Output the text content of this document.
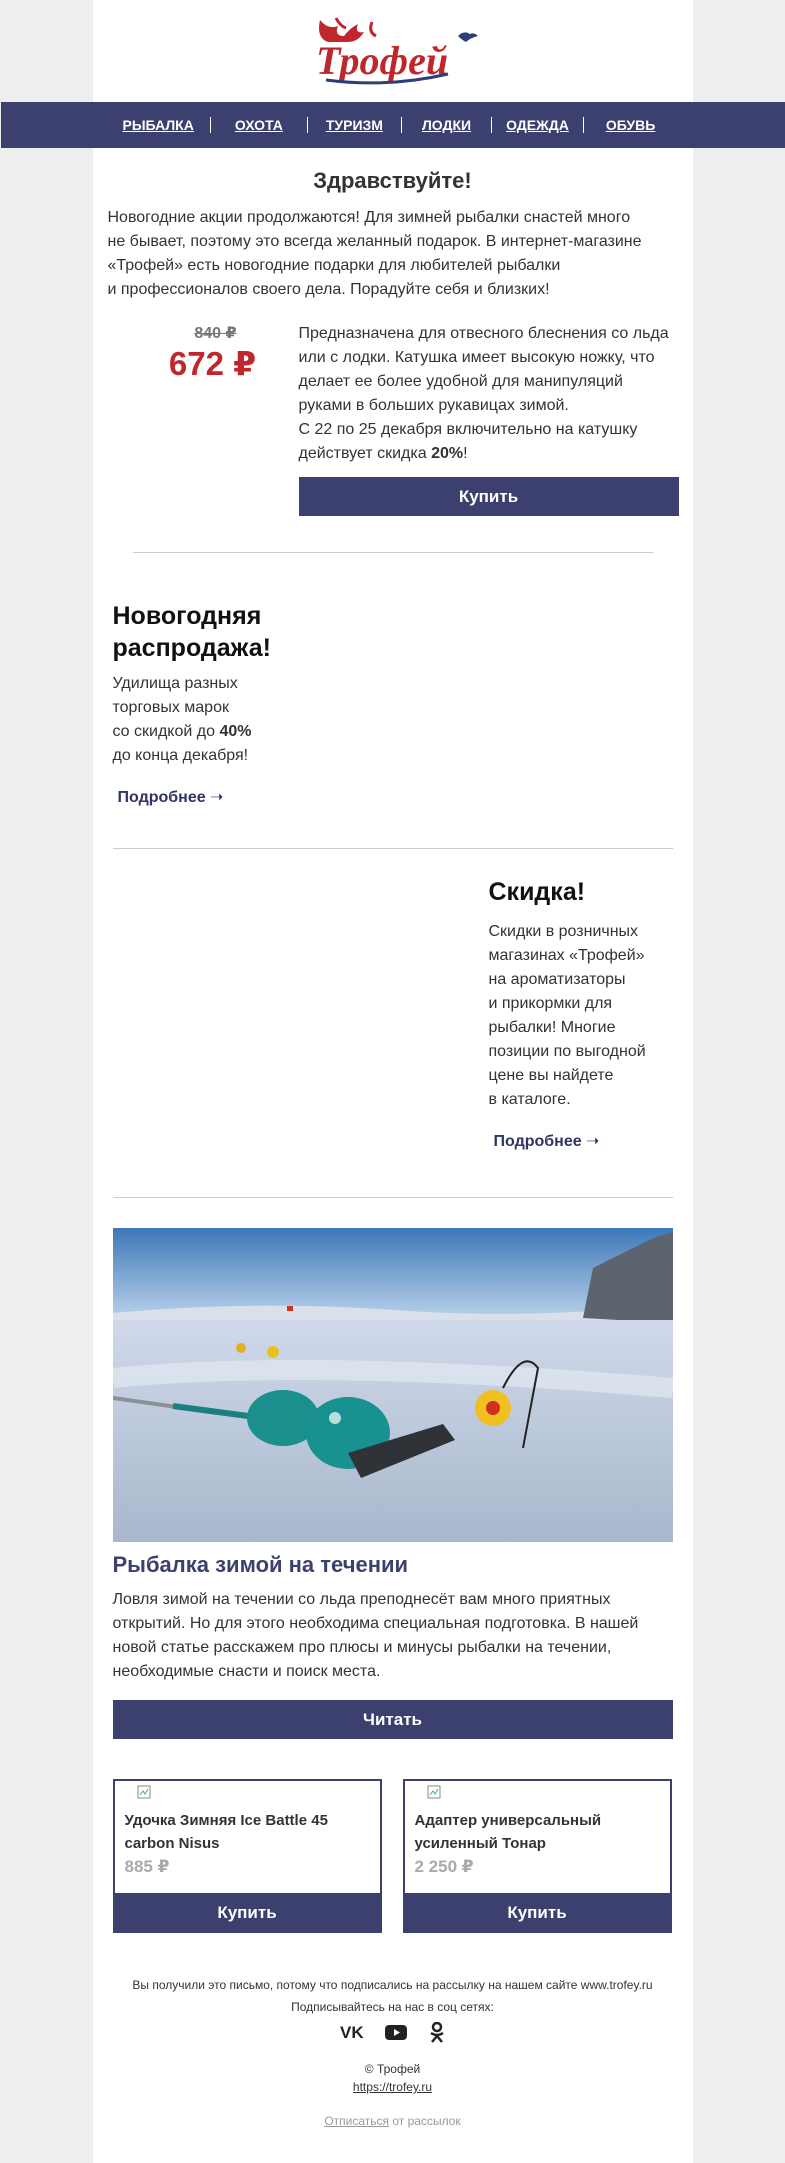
Трофей
РЫБАЛКА	ОХОТА	ТУРИЗМ	ЛОДКИ	ОДЕЖДА	ОБУВЬ
Здравствуйте!
Новогодние акции продолжаются! Для зимней рыбалки снастей много
не бывает, поэтому это всегда желанный подарок. В интернет-магазине
«Трофей» есть новогодние подарки для любителей рыбалки
и профессионалов своего дела. Порадуйте себя и близких!
840 ₽
672 ₽
Предназначена для отвесного блеснения со льда
или с лодки. Катушка имеет высокую ножку, что
делает ее более удобной для манипуляций
руками в больших рукавицах зимой.
С 22 по 25 декабря включительно на катушку
действует скидка 20%!
Купить
Новогодняя
распродажа!
Удилища разных
торговых марок
со скидкой до 40%
до конца декабря!
Подробнее ➝
Скидка!
Скидки в розничных
магазинах «Трофей»
на ароматизаторы
и прикормки для
рыбалки! Многие
позиции по выгодной
цене вы найдете
в каталоге.
Подробнее ➝
Рыбалка зимой на течении
Ловля зимой на течении со льда преподнесёт вам много приятных
открытий. Но для этого необходима специальная подготовка. В нашей
новой статье расскажем про плюсы и минусы рыбалки на течении,
необходимые снасти и поиск места.
Читать
Удочка Зимняя Ice Battle 45
carbon Nisus
885 ₽
Купить
Адаптер универсальный
усиленный Тонар
2 250 ₽
Купить

Вы получили это письмо, потому что подписались на рассылку на нашем сайте www.trofey.ru

Подписывайтесь на нас в соц сетях:

VK
© Трофей
https://trofey.ru
Отписаться от рассылок
